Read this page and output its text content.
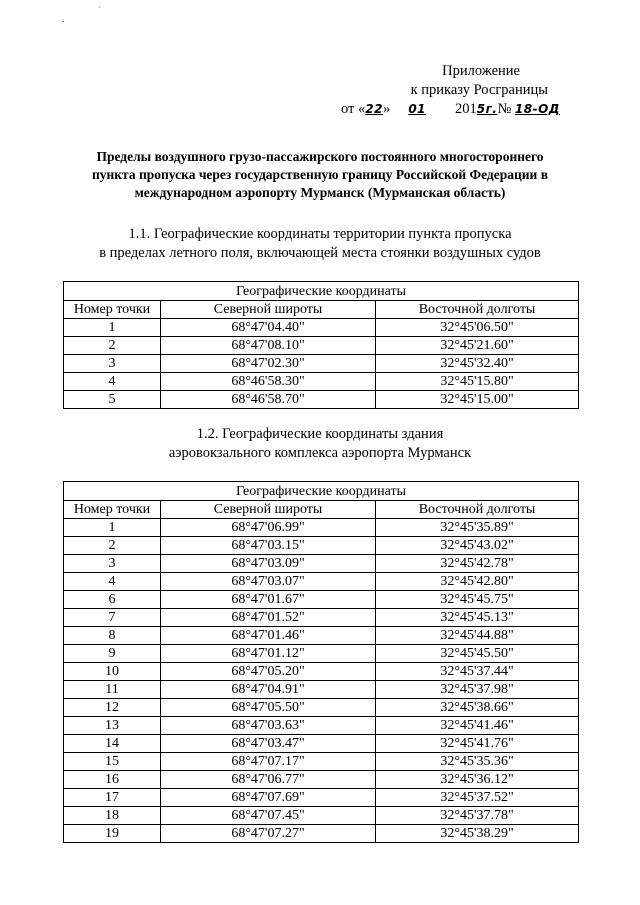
.
`
Приложение
к приказу Росграницы
от «22» 01 2015г.№ 18-ОД
Пределы воздушного грузо-пассажирского постоянного многостороннего
пункта пропуска через государственную границу Российской Федерации в
международном аэропорту Мурманск (Мурманская область)
1.1. Географические координаты территории пункта пропуска
в пределах летного поля, включающей места стоянки воздушных судов
Географические координаты		
Номер точки	Северной широты	Восточной долготы
1	68°47'04.40"	32°45'06.50"
2	68°47'08.10"	32°45'21.60"
3	68°47'02.30"	32°45'32.40"
4	68°46'58.30"	32°45'15.80"
5	68°46'58.70"	32°45'15.00"
1.2. Географические координаты здания
аэровокзального комплекса аэропорта Мурманск
Географические координаты		
Номер точки	Северной широты	Восточной долготы
1	68°47'06.99"	32°45'35.89"
2	68°47'03.15"	32°45'43.02"
3	68°47'03.09"	32°45'42.78"
4	68°47'03.07"	32°45'42.80"
6	68°47'01.67"	32°45'45.75"
7	68°47'01.52"	32°45'45.13"
8	68°47'01.46"	32°45'44.88"
9	68°47'01.12"	32°45'45.50"
10	68°47'05.20"	32°45'37.44"
11	68°47'04.91"	32°45'37.98"
12	68°47'05.50"	32°45'38.66"
13	68°47'03.63"	32°45'41.46"
14	68°47'03.47"	32°45'41.76"
15	68°47'07.17"	32°45'35.36"
16	68°47'06.77"	32°45'36.12"
17	68°47'07.69"	32°45'37.52"
18	68°47'07.45"	32°45'37.78"
19	68°47'07.27"	32°45'38.29"
